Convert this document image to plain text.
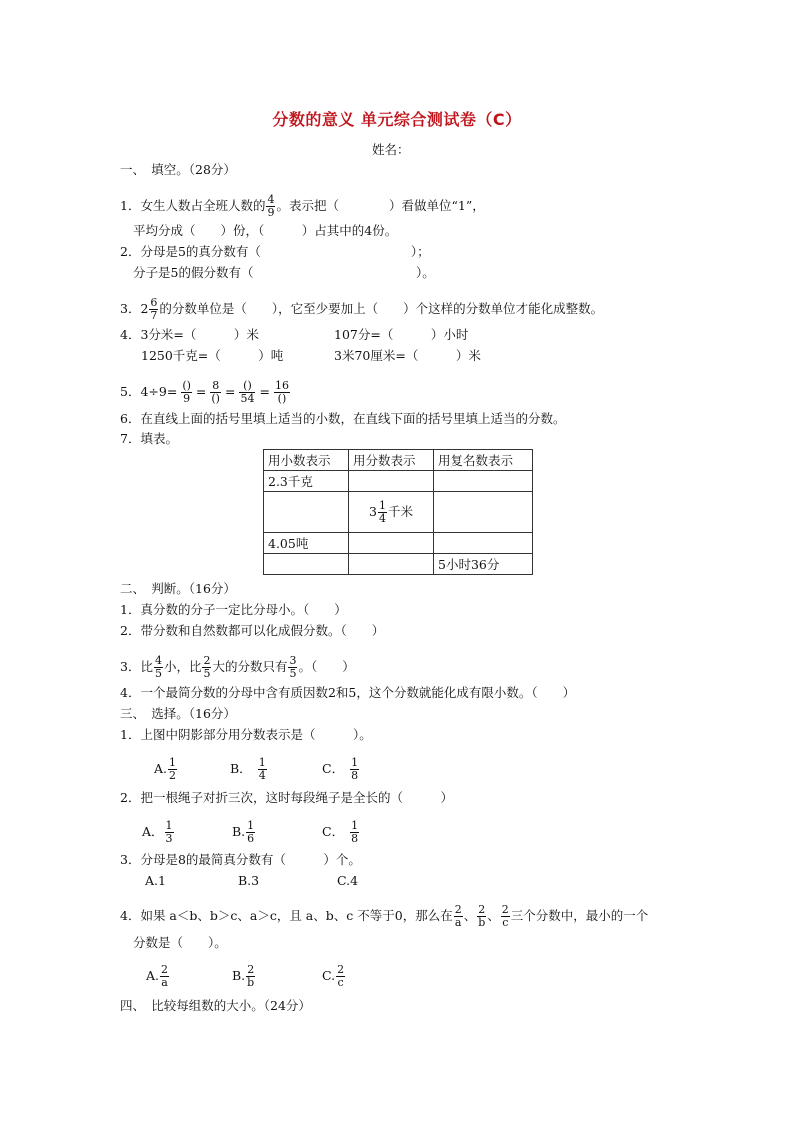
分数的意义 单元综合测试卷（C）
姓名：
一、　填空。（28分）
1．女生人数占全班人数的 $\frac{4}{9}$ 。表示把（　　　　）看做单位“1”，
平均分成（　　）份，（　　　）占其中的4份。
2．分母是5的真分数有（　　　　　　　　　　　　）；
分子是5的假分数有（　　　　　　　　　　　　　）。
3．$2 \frac{6}{7}$ 的分数单位是（　　），它至少要加上（　　）个这样的分数单位才能化成整数。
4．3分米=（　　　）米	107分=（　　　）小时
1250千克=（　　　）吨	3米70厘米=（　　　）米
5．$4\div 9= \frac{()}{9} = \frac{8}{()} = \frac{()}{54} = \frac{16}{()}$
6．在直线上面的括号里填上适当的小数，在直线下面的括号里填上适当的分数。
7．填表。
用小数表示	用分数表示	用复名数表示
2.3千克		
	$3 \frac{1}{4}$ 千米	
4.05吨		
		5小时36分
二、　判断。（16分）
1．真分数的分子一定比分母小。（　　）
2．带分数和自然数都可以化成假分数。（　　）
3．比 $\frac{4}{5}$ 小，比 $\frac{2}{5}$ 大的分数只有 $\frac{3}{5}$ 。（　　）
4．一个最简分数的分母中含有质因数2和5，这个分数就能化成有限小数。（　　）
三、　选择。（16分）
1．上图中阴影部分用分数表示是（　　　）。
A. $\frac{1}{2}$	B． $\frac{1}{4}$	C． $\frac{1}{8}$
2．把一根绳子对折三次，这时每段绳子是全长的（　　　）
A． $\frac{1}{3}$	B. $\frac{1}{6}$	C． $\frac{1}{8}$
3．分母是8的最简真分数有（　　　）个。
A.1	B.3	C.4
4．如果 a＜b、b＞c、a＞c，且 a、b、c 不等于0，那么在 $\frac{2}{a}$ 、 $\frac{2}{b}$ 、 $\frac{2}{c}$ 三个分数中，最小的一个
分数是（　　）。
A. $\frac{2}{a}$	B. $\frac{2}{b}$	C. $\frac{2}{c}$
四、　比较每组数的大小。（24分）
